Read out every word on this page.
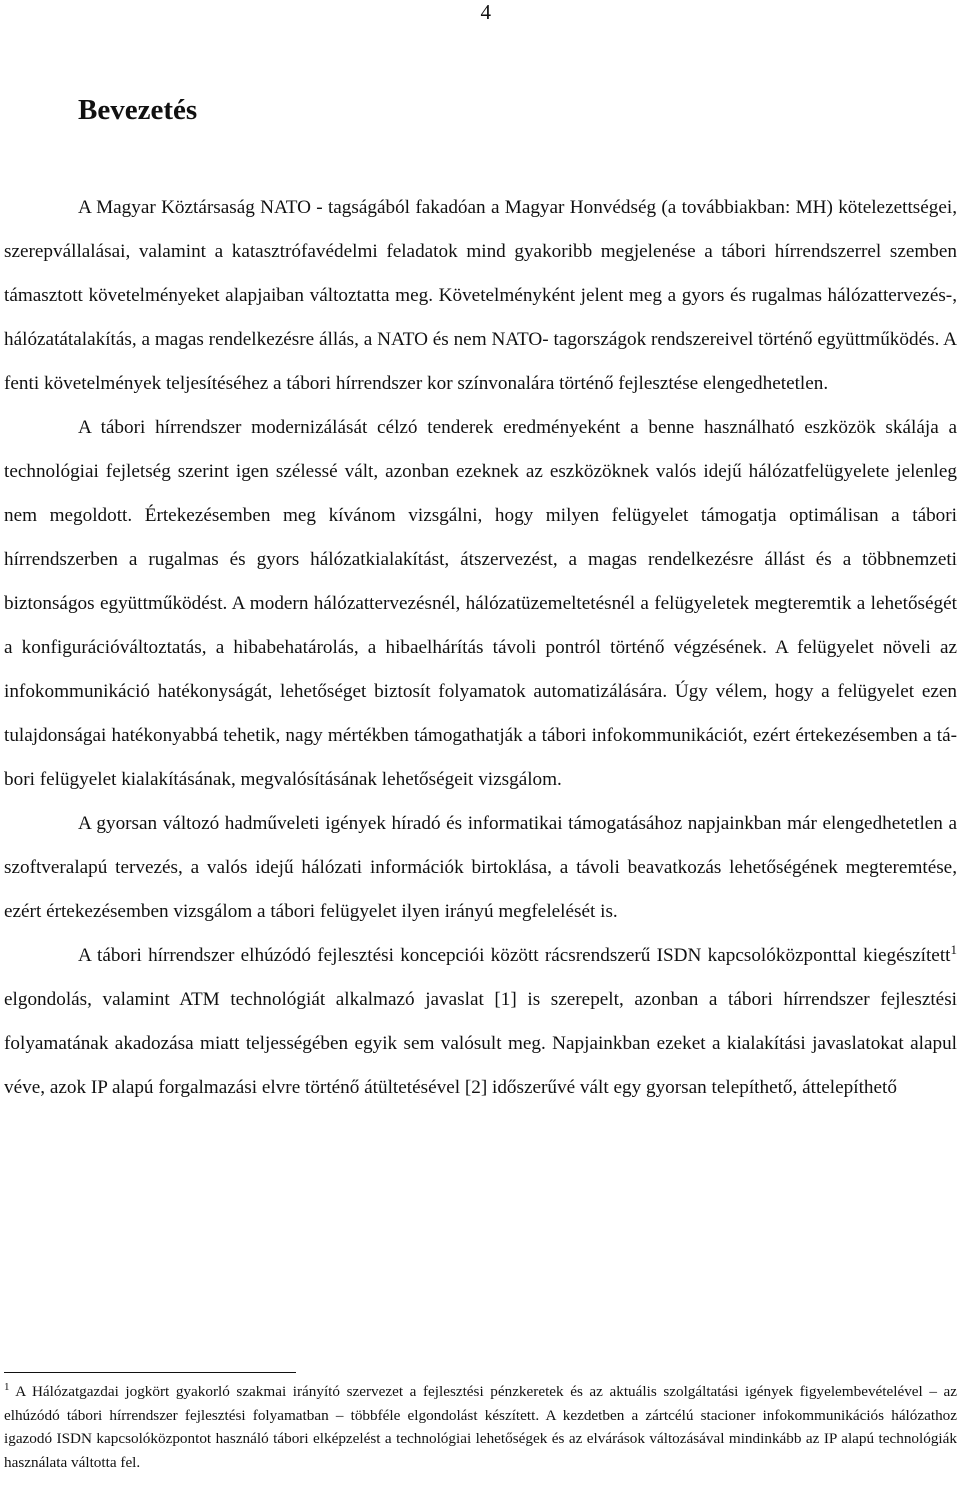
4
Bevezetés

A Magyar Köztársaság NATO - tagságából fakadóan a Magyar Honvédség (a továbbiakban: MH) kötelezettségei, szerepvállalásai, valamint a katasztrófavédelmi feladatok mind gyakoribb megjelenése a tábori hírrendszerrel szemben támasztott követelményeket alapjaiban változtatta meg. Követelményként jelent meg a gyors és rugalmas hálózattervezés-, hálózatátalakítás, a magas rendelkezésre állás, a NATO és nem NATO- tagországok rendszereivel történő együttműködés. A fenti követelmények teljesítéséhez a tábori hírrendszer kor színvonalára történő fejlesztése elengedhetetlen.

A tábori hírrendszer modernizálását célzó tenderek eredményeként a benne használható eszközök skálája a technológiai fejletség szerint igen szélessé vált, azonban ezeknek az eszközöknek valós idejű hálózatfelügyelete jelenleg nem megoldott. Értekezésemben meg kívánom vizsgálni, hogy milyen felügyelet támogatja optimálisan a tábori hírrendszerben a rugalmas és gyors hálózatkialakítást, átszervezést, a magas rendelkezésre állást és a többnemzeti biztonságos együttműködést. A modern hálózattervezésnél, hálózatüzemeltetésnél a felügyeletek megteremtik a lehetőségét a konfigurációváltoztatás, a hibabehatárolás, a hibaelhárítás távoli pontról történő végzésének. A felügyelet növeli az infokommunikáció hatékonyságát, lehetőséget biztosít folyamatok automatizálására. Úgy vélem, hogy a felügyelet ezen tulajdonságai hatékonyabbá tehetik, nagy mértékben támogathatják a tábori infokommunikációt, ezért értekezésemben a tábori felügyelet kialakításának, megvalósításának lehetőségeit vizsgálom.

A gyorsan változó hadműveleti igények híradó és informatikai támogatásához napjainkban már elengedhetetlen a szoftveralapú tervezés, a valós idejű hálózati információk birtoklása, a távoli beavatkozás lehetőségének megteremtése, ezért értekezésemben vizsgálom a tábori felügyelet ilyen irányú megfelelését is.

A tábori hírrendszer elhúzódó fejlesztési koncepciói között rácsrendszerű ISDN kapcsolóközponttal kiegészített$^1$ elgondolás, valamint ATM technológiát alkalmazó javaslat [1] is szerepelt, azonban a tábori hírrendszer fejlesztési folyamatának akadozása miatt teljességében egyik sem valósult meg. Napjainkban ezeket a kialakítási javaslatokat alapul véve, azok IP alapú forgalmazási elvre történő átültetésével [2] időszerűvé vált egy gyorsan telepíthető, áttelepíthető

$^1$ A Hálózatgazdai jogkört gyakorló szakmai irányító szervezet a fejlesztési pénzkeretek és az aktuális szolgáltatási igények figyelembevételével – az elhúzódó tábori hírrendszer fejlesztési folyamatban – többféle elgondolást készített. A kezdetben a zártcélú stacioner infokommunikációs hálózathoz igazodó ISDN kapcsolóközpontot használó tábori elképzelést a technológiai lehetőségek és az elvárások változásával mindinkább az IP alapú technológiák használata váltotta fel.
